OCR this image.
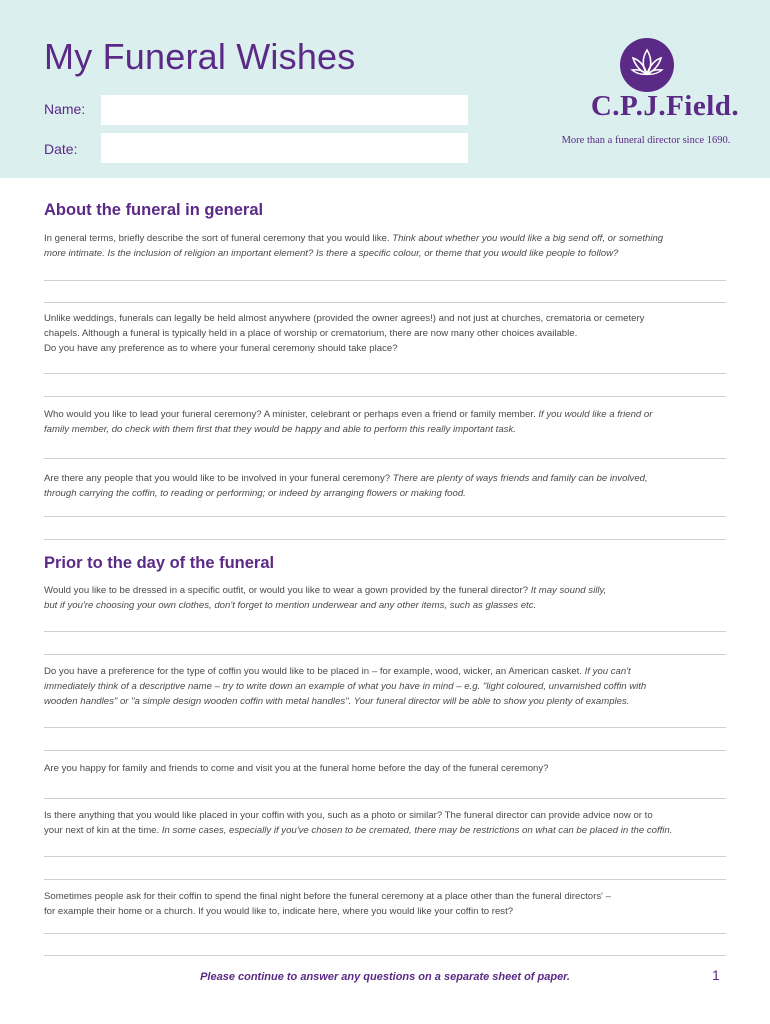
My Funeral Wishes
Name:
Date:
C.P.J.Field.
More than a funeral director since 1690.
About the funeral in general

In general terms, briefly describe the sort of funeral ceremony that you would like. Think about whether you would like a big send off, or something
more intimate. Is the inclusion of religion an important element? Is there a specific colour, or theme that you would like people to follow?

Unlike weddings, funerals can legally be held almost anywhere (provided the owner agrees!) and not just at churches, crematoria or cemetery
chapels. Although a funeral is typically held in a place of worship or crematorium, there are now many other choices available.
Do you have any preference as to where your funeral ceremony should take place?

Who would you like to lead your funeral ceremony? A minister, celebrant or perhaps even a friend or family member. If you would like a friend or
family member, do check with them first that they would be happy and able to perform this really important task.

Are there any people that you would like to be involved in your funeral ceremony? There are plenty of ways friends and family can be involved,
through carrying the coffin, to reading or performing; or indeed by arranging flowers or making food.

Prior to the day of the funeral

Would you like to be dressed in a specific outfit, or would you like to wear a gown provided by the funeral director? It may sound silly,
but if you're choosing your own clothes, don't forget to mention underwear and any other items, such as glasses etc.

Do you have a preference for the type of coffin you would like to be placed in – for example, wood, wicker, an American casket. If you can't
immediately think of a descriptive name – try to write down an example of what you have in mind – e.g. "light coloured, unvarnished coffin with
wooden handles" or "a simple design wooden coffin with metal handles". Your funeral director will be able to show you plenty of examples.

Are you happy for family and friends to come and visit you at the funeral home before the day of the funeral ceremony?

Is there anything that you would like placed in your coffin with you, such as a photo or similar? The funeral director can provide advice now or to
your next of kin at the time. In some cases, especially if you've chosen to be cremated, there may be restrictions on what can be placed in the coffin.

Sometimes people ask for their coffin to spend the final night before the funeral ceremony at a place other than the funeral directors' –
for example their home or a church. If you would like to, indicate here, where you would like your coffin to rest?

Please continue to answer any questions on a separate sheet of paper.	1
